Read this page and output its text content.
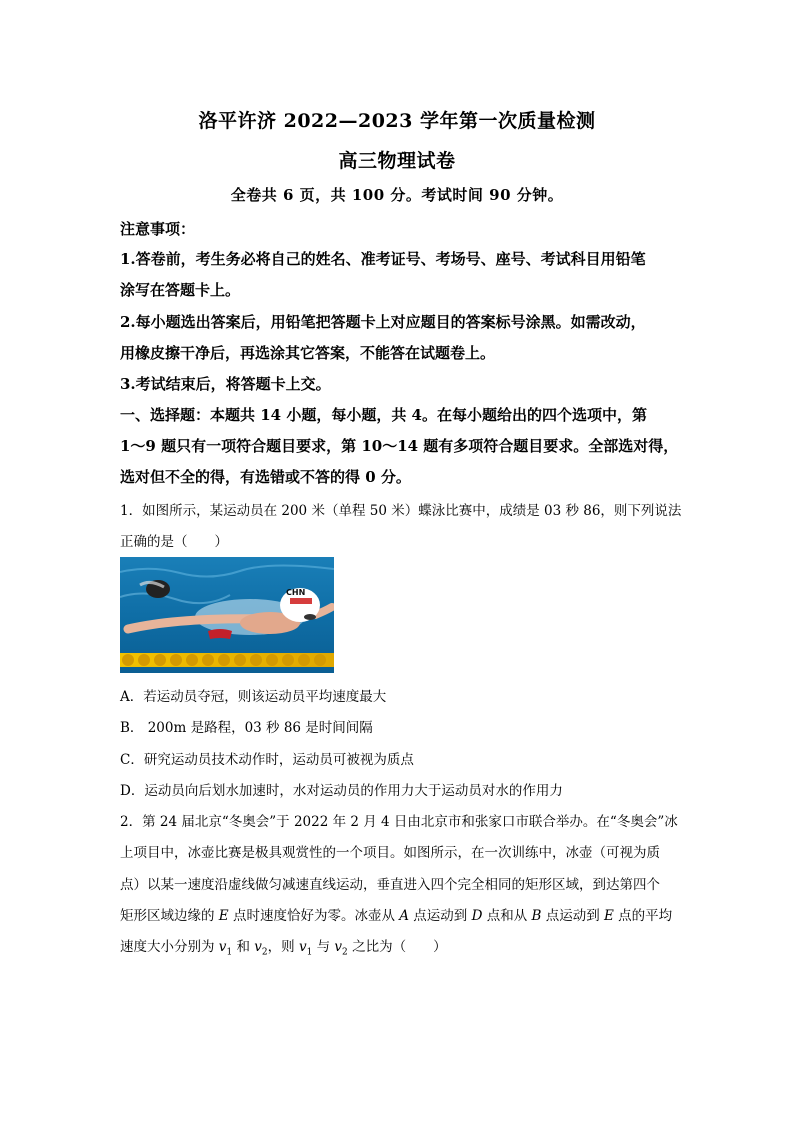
洛平许济 2022—2023 学年第一次质量检测
高三物理试卷
全卷共 6 页，共 100 分。考试时间 90 分钟。
注意事项：
1.答卷前，考生务必将自己的姓名、准考证号、考场号、座号、考试科目用铅笔
涂写在答题卡上。
2.每小题选出答案后，用铅笔把答题卡上对应题目的答案标号涂黑。如需改动，
用橡皮擦干净后，再选涂其它答案，不能答在试题卷上。
3.考试结束后，将答题卡上交。
一、选择题：本题共 14 小题，每小题，共 4。在每小题给出的四个选项中，第
1～9 题只有一项符合题目要求，第 10～14 题有多项符合题目要求。全部选对得，
选对但不全的得，有选错或不答的得 0 分。
1．如图所示，某运动员在 200 米（单程 50 米）蝶泳比赛中，成绩是 03 秒 86，则下列说法
正确的是（　　）
CHN
A．若运动员夺冠，则该运动员平均速度最大
B． 200m 是路程，03 秒 86 是时间间隔
C．研究运动员技术动作时，运动员可被视为质点
D．运动员向后划水加速时，水对运动员的作用力大于运动员对水的作用力
2．第 24 届北京“冬奥会”于 2022 年 2 月 4 日由北京市和张家口市联合举办。在“冬奥会”冰
上项目中，冰壶比赛是极具观赏性的一个项目。如图所示，在一次训练中，冰壶（可视为质
点）以某一速度沿虚线做匀减速直线运动，垂直进入四个完全相同的矩形区域，到达第四个
矩形区域边缘的 E 点时速度恰好为零。冰壶从 A 点运动到 D 点和从 B 点运动到 E 点的平均
速度大小分别为 $v_1$ 和 $v_2$，则 $v_1$ 与 $v_2$ 之比为（　　）
